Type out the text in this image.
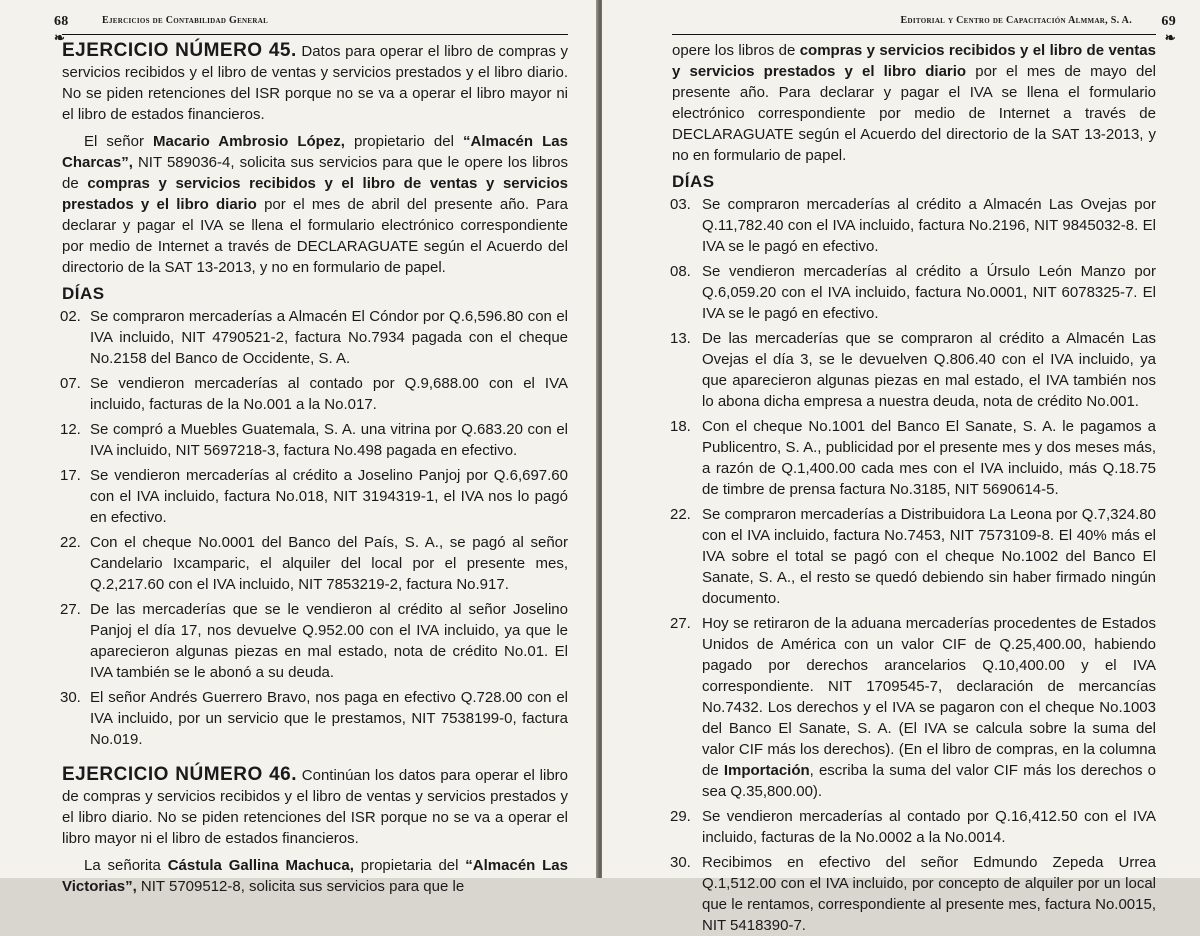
68	Ejercicios de Contabilidad General
❧

EJERCICIO NÚMERO 45. Datos para operar el libro de compras y servicios recibidos y el libro de ventas y servicios prestados y el libro diario. No se piden retenciones del ISR porque no se va a operar el libro mayor ni el libro de estados financieros.

El señor Macario Ambrosio López, propietario del “Almacén Las Charcas”, NIT 589036-4, solicita sus servicios para que le opere los libros de compras y servicios recibidos y el libro de ventas y servicios prestados y el libro diario por el mes de abril del presente año. Para declarar y pagar el IVA se llena el formulario electrónico correspondiente por medio de Internet a través de DECLARAGUATE según el Acuerdo del directorio de la SAT 13-2013, y no en formulario de papel.

DÍAS
02. Se compraron mercaderías a Almacén El Cóndor por Q.6,596.80 con el IVA incluido, NIT 4790521-2, factura No.7934 pagada con el cheque No.2158 del Banco de Occidente, S. A.
07. Se vendieron mercaderías al contado por Q.9,688.00 con el IVA incluido, facturas de la No.001 a la No.017.
12. Se compró a Muebles Guatemala, S. A. una vitrina por Q.683.20 con el IVA incluido, NIT 5697218-3, factura No.498 pagada en efectivo.
17. Se vendieron mercaderías al crédito a Joselino Panjoj por Q.6,697.60 con el IVA incluido, factura No.018, NIT 3194319-1, el IVA nos lo pagó en efectivo.
22. Con el cheque No.0001 del Banco del País, S. A., se pagó al señor Candelario Ixcamparic, el alquiler del local por el presente mes, Q.2,217.60 con el IVA incluido, NIT 7853219-2, factura No.917.
27. De las mercaderías que se le vendieron al crédito al señor Joselino Panjoj el día 17, nos devuelve Q.952.00 con el IVA incluido, ya que le aparecieron algunas piezas en mal estado, nota de crédito No.01. El IVA también se le abonó a su deuda.
30. El señor Andrés Guerrero Bravo, nos paga en efectivo Q.728.00 con el IVA incluido, por un servicio que le prestamos, NIT 7538199-0, factura No.019.

EJERCICIO NÚMERO 46. Continúan los datos para operar el libro de compras y servicios recibidos y el libro de ventas y servicios prestados y el libro diario. No se piden retenciones del ISR porque no se va a operar el libro mayor ni el libro de estados financieros.

La señorita Cástula Gallina Machuca, propietaria del “Almacén Las Victorias”, NIT 5709512-8, solicita sus servicios para que le

Editorial y Centro de Capacitación Almmar, S. A. 69
❧

opere los libros de compras y servicios recibidos y el libro de ventas y servicios prestados y el libro diario por el mes de mayo del presente año. Para declarar y pagar el IVA se llena el formulario electrónico correspondiente por medio de Internet a través de DECLARAGUATE según el Acuerdo del directorio de la SAT 13-2013, y no en formulario de papel.

DÍAS
03. Se compraron mercaderías al crédito a Almacén Las Ovejas por Q.11,782.40 con el IVA incluido, factura No.2196, NIT 9845032-8. El IVA se le pagó en efectivo.
08. Se vendieron mercaderías al crédito a Úrsulo León Manzo por Q.6,059.20 con el IVA incluido, factura No.0001, NIT 6078325-7. El IVA se le pagó en efectivo.
13. De las mercaderías que se compraron al crédito a Almacén Las Ovejas el día 3, se le devuelven Q.806.40 con el IVA incluido, ya que aparecieron algunas piezas en mal estado, el IVA también nos lo abona dicha empresa a nuestra deuda, nota de crédito No.001.
18. Con el cheque No.1001 del Banco El Sanate, S. A. le pagamos a Publicentro, S. A., publicidad por el presente mes y dos meses más, a razón de Q.1,400.00 cada mes con el IVA incluido, más Q.18.75 de timbre de prensa factura No.3185, NIT 5690614-5.
22. Se compraron mercaderías a Distribuidora La Leona por Q.7,324.80 con el IVA incluido, factura No.7453, NIT 7573109-8. El 40% más el IVA sobre el total se pagó con el cheque No.1002 del Banco El Sanate, S. A., el resto se quedó debiendo sin haber firmado ningún documento.
27. Hoy se retiraron de la aduana mercaderías procedentes de Estados Unidos de América con un valor CIF de Q.25,400.00, habiendo pagado por derechos arancelarios Q.10,400.00 y el IVA correspondiente. NIT 1709545-7, declaración de mercancías No.7432. Los derechos y el IVA se pagaron con el cheque No.1003 del Banco El Sanate, S. A. (El IVA se calcula sobre la suma del valor CIF más los derechos). (En el libro de compras, en la columna de Importación, escriba la suma del valor CIF más los derechos o sea Q.35,800.00).
29. Se vendieron mercaderías al contado por Q.16,412.50 con el IVA incluido, facturas de la No.0002 a la No.0014.
30. Recibimos en efectivo del señor Edmundo Zepeda Urrea Q.1,512.00 con el IVA incluido, por concepto de alquiler por un local que le rentamos, correspondiente al presente mes, factura No.0015, NIT 5418390-7.
